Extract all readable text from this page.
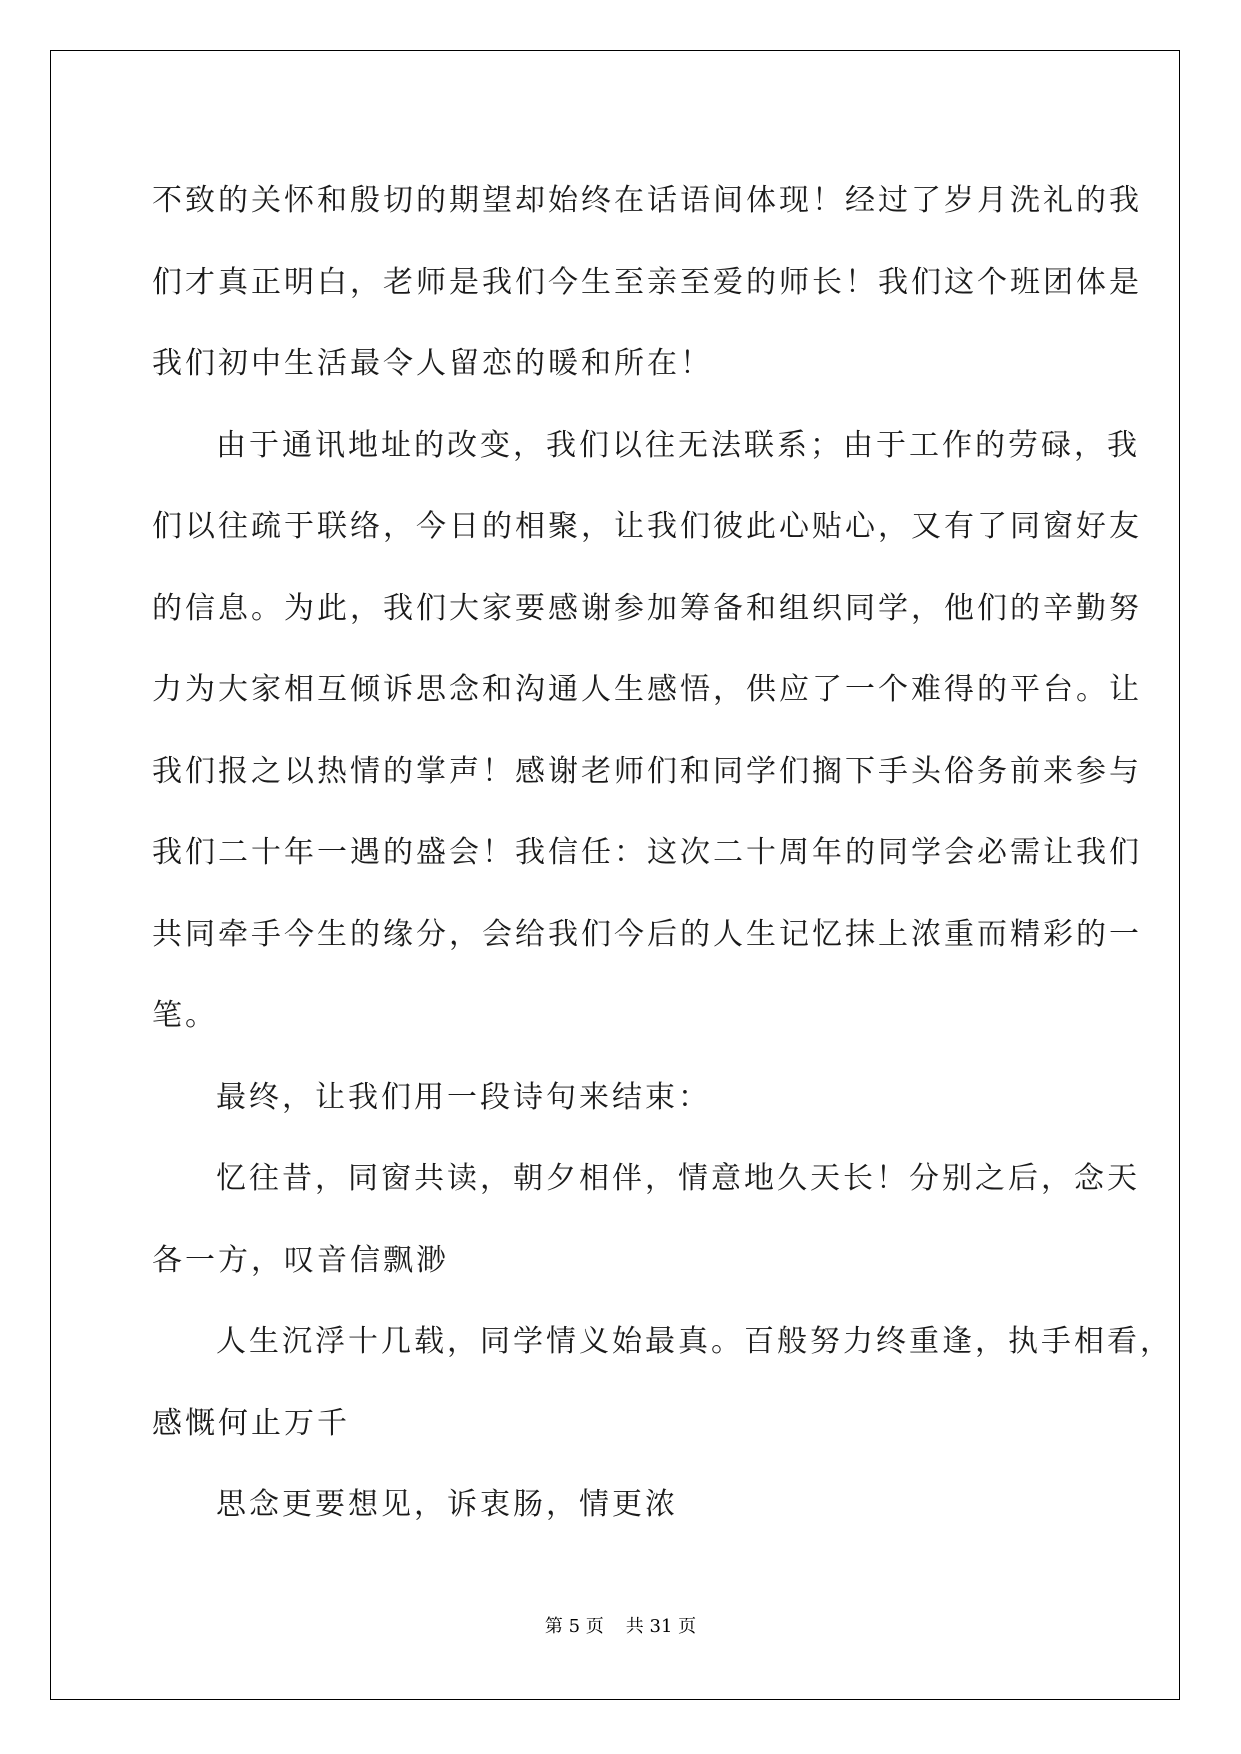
不致的关怀和殷切的期望却始终在话语间体现！经过了岁月洗礼的我
们才真正明白，老师是我们今生至亲至爱的师长！我们这个班团体是
我们初中生活最令人留恋的暖和所在！
由于通讯地址的改变，我们以往无法联系；由于工作的劳碌，我
们以往疏于联络，今日的相聚，让我们彼此心贴心，又有了同窗好友
的信息。为此，我们大家要感谢参加筹备和组织同学，他们的辛勤努
力为大家相互倾诉思念和沟通人生感悟，供应了一个难得的平台。让
我们报之以热情的掌声！感谢老师们和同学们搁下手头俗务前来参与
我们二十年一遇的盛会！我信任：这次二十周年的同学会必需让我们
共同牵手今生的缘分，会给我们今后的人生记忆抹上浓重而精彩的一
笔。
最终，让我们用一段诗句来结束：
忆往昔，同窗共读，朝夕相伴，情意地久天长！分别之后，念天
各一方，叹音信飘渺
人生沉浮十几载，同学情义始最真。百般努力终重逢，执手相看，
感慨何止万千
思念更要想见，诉衷肠，情更浓
第 5 页 共 31 页
